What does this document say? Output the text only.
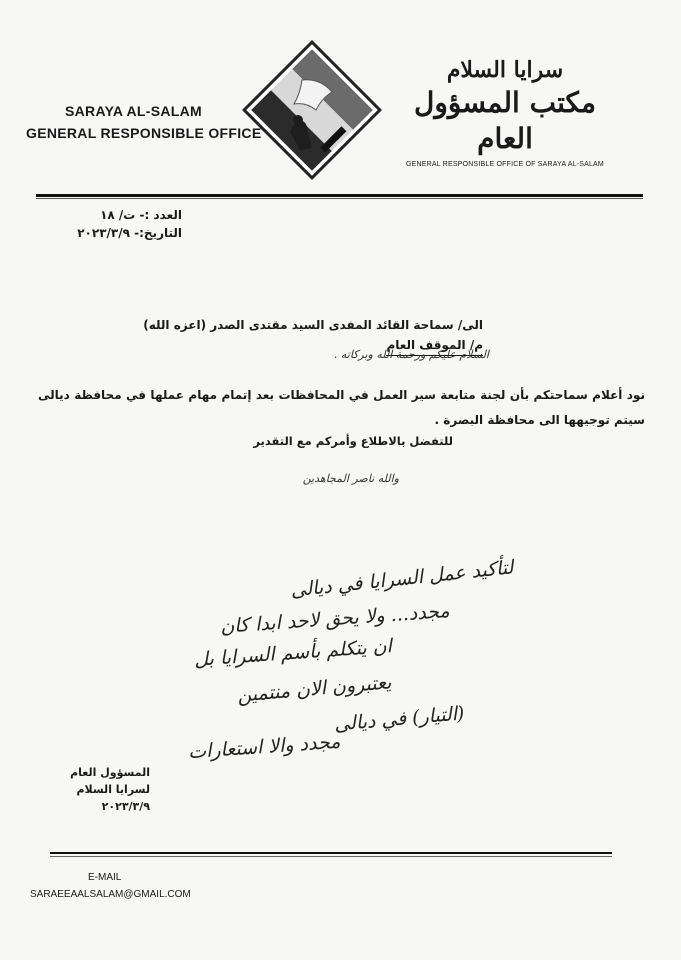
SARAYA AL-SALAM
GENERAL RESPONSIBLE OFFICE
سرايا السلام
مكتب المسؤول العام
GENERAL RESPONSIBLE OFFICE OF SARAYA AL-SALAM
العدد :- ت/ ١٨
التاريخ:- ٢٠٢٣/٣/٩
الى/ سماحة القائد المفدى السيد مقتدى الصدر (اعزه الله)
م/ الموقف العام
السلام عليكم ورحمة الله وبركاته .
نود أعلام سماحتكم بأن لجنة متابعة سير العمل في المحافظات بعد إتمام مهام عملها في محافظة ديالى سيتم توجيهها الى محافظة البصرة .
للتفضل بالاطلاع وأمركم مع التقدير
والله ناصر المجاهدين
لتأكيد عمل السرايا في ديالى
مجدد... ولا يحق لاحد ابدا كان
ان يتكلم بأسم السرايا بل
يعتبرون الان منتمين
(التيار) في ديالى
مجدد والا استعارات
المسؤول العام
لسرايا السلام
٢٠٢٣/٣/٩
E-MAIL
SARAEEAALSALAM@GMAIL.COM
